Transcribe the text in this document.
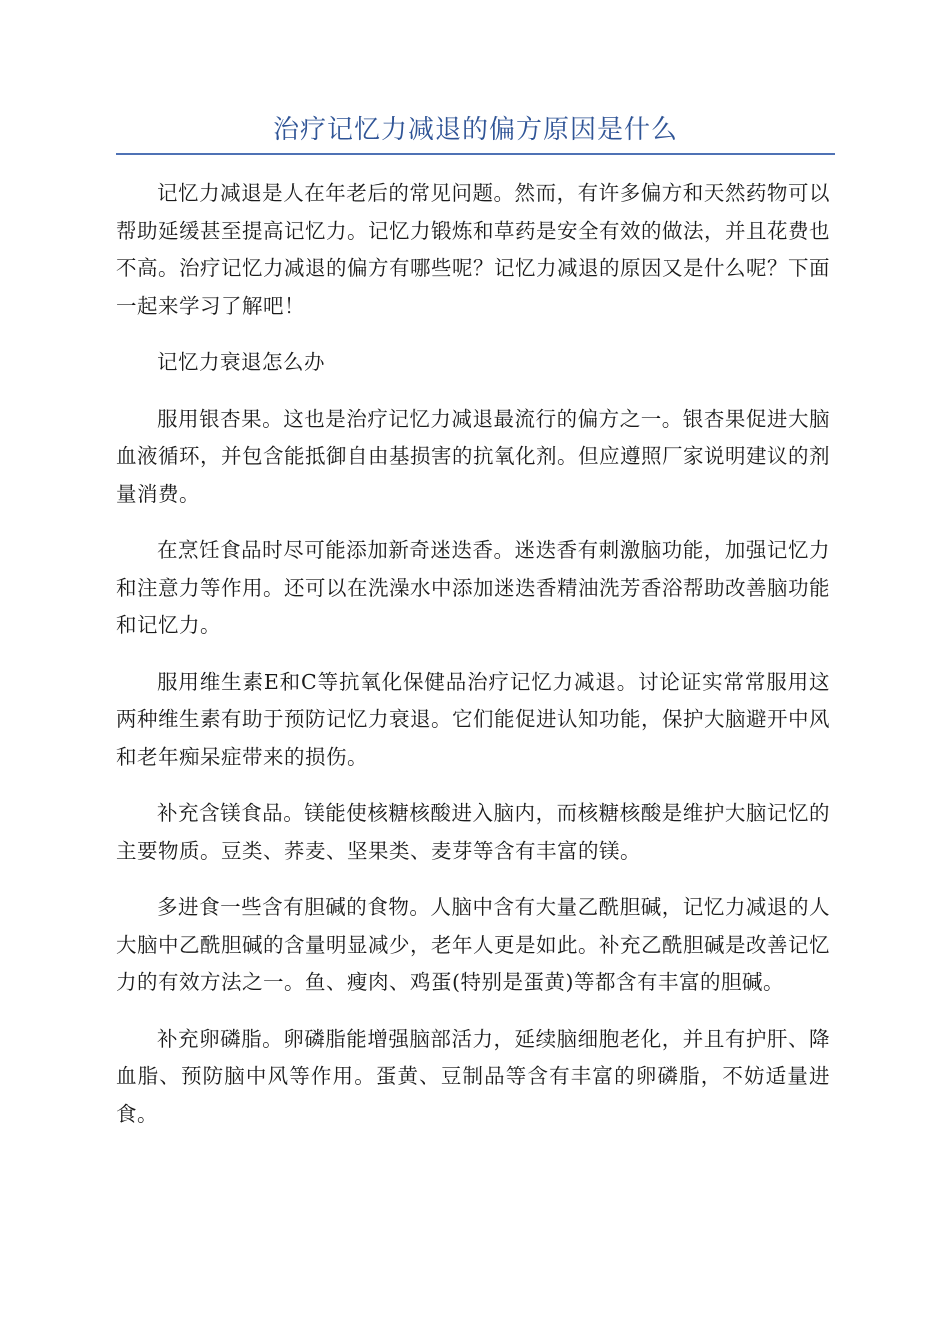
治疗记忆力减退的偏方原因是什么

记忆力减退是人在年老后的常见问题。然而，有许多偏方和天然药物可以帮助延缓甚至提高记忆力。记忆力锻炼和草药是安全有效的做法，并且花费也不高。治疗记忆力减退的偏方有哪些呢？记忆力减退的原因又是什么呢？下面一起来学习了解吧！

记忆力衰退怎么办

服用银杏果。这也是治疗记忆力减退最流行的偏方之一。银杏果促进大脑血液循环，并包含能抵御自由基损害的抗氧化剂。但应遵照厂家说明建议的剂量消费。

在烹饪食品时尽可能添加新奇迷迭香。迷迭香有刺激脑功能，加强记忆力和注意力等作用。还可以在洗澡水中添加迷迭香精油洗芳香浴帮助改善脑功能和记忆力。

服用维生素E和C等抗氧化保健品治疗记忆力减退。讨论证实常常服用这两种维生素有助于预防记忆力衰退。它们能促进认知功能，保护大脑避开中风和老年痴呆症带来的损伤。

补充含镁食品。镁能使核糖核酸进入脑内，而核糖核酸是维护大脑记忆的主要物质。豆类、荞麦、坚果类、麦芽等含有丰富的镁。

多进食一些含有胆碱的食物。人脑中含有大量乙酰胆碱，记忆力减退的人大脑中乙酰胆碱的含量明显减少，老年人更是如此。补充乙酰胆碱是改善记忆力的有效方法之一。鱼、瘦肉、鸡蛋(特别是蛋黄)等都含有丰富的胆碱。

补充卵磷脂。卵磷脂能增强脑部活力，延续脑细胞老化，并且有护肝、降血脂、预防脑中风等作用。蛋黄、豆制品等含有丰富的卵磷脂，不妨适量进食。
